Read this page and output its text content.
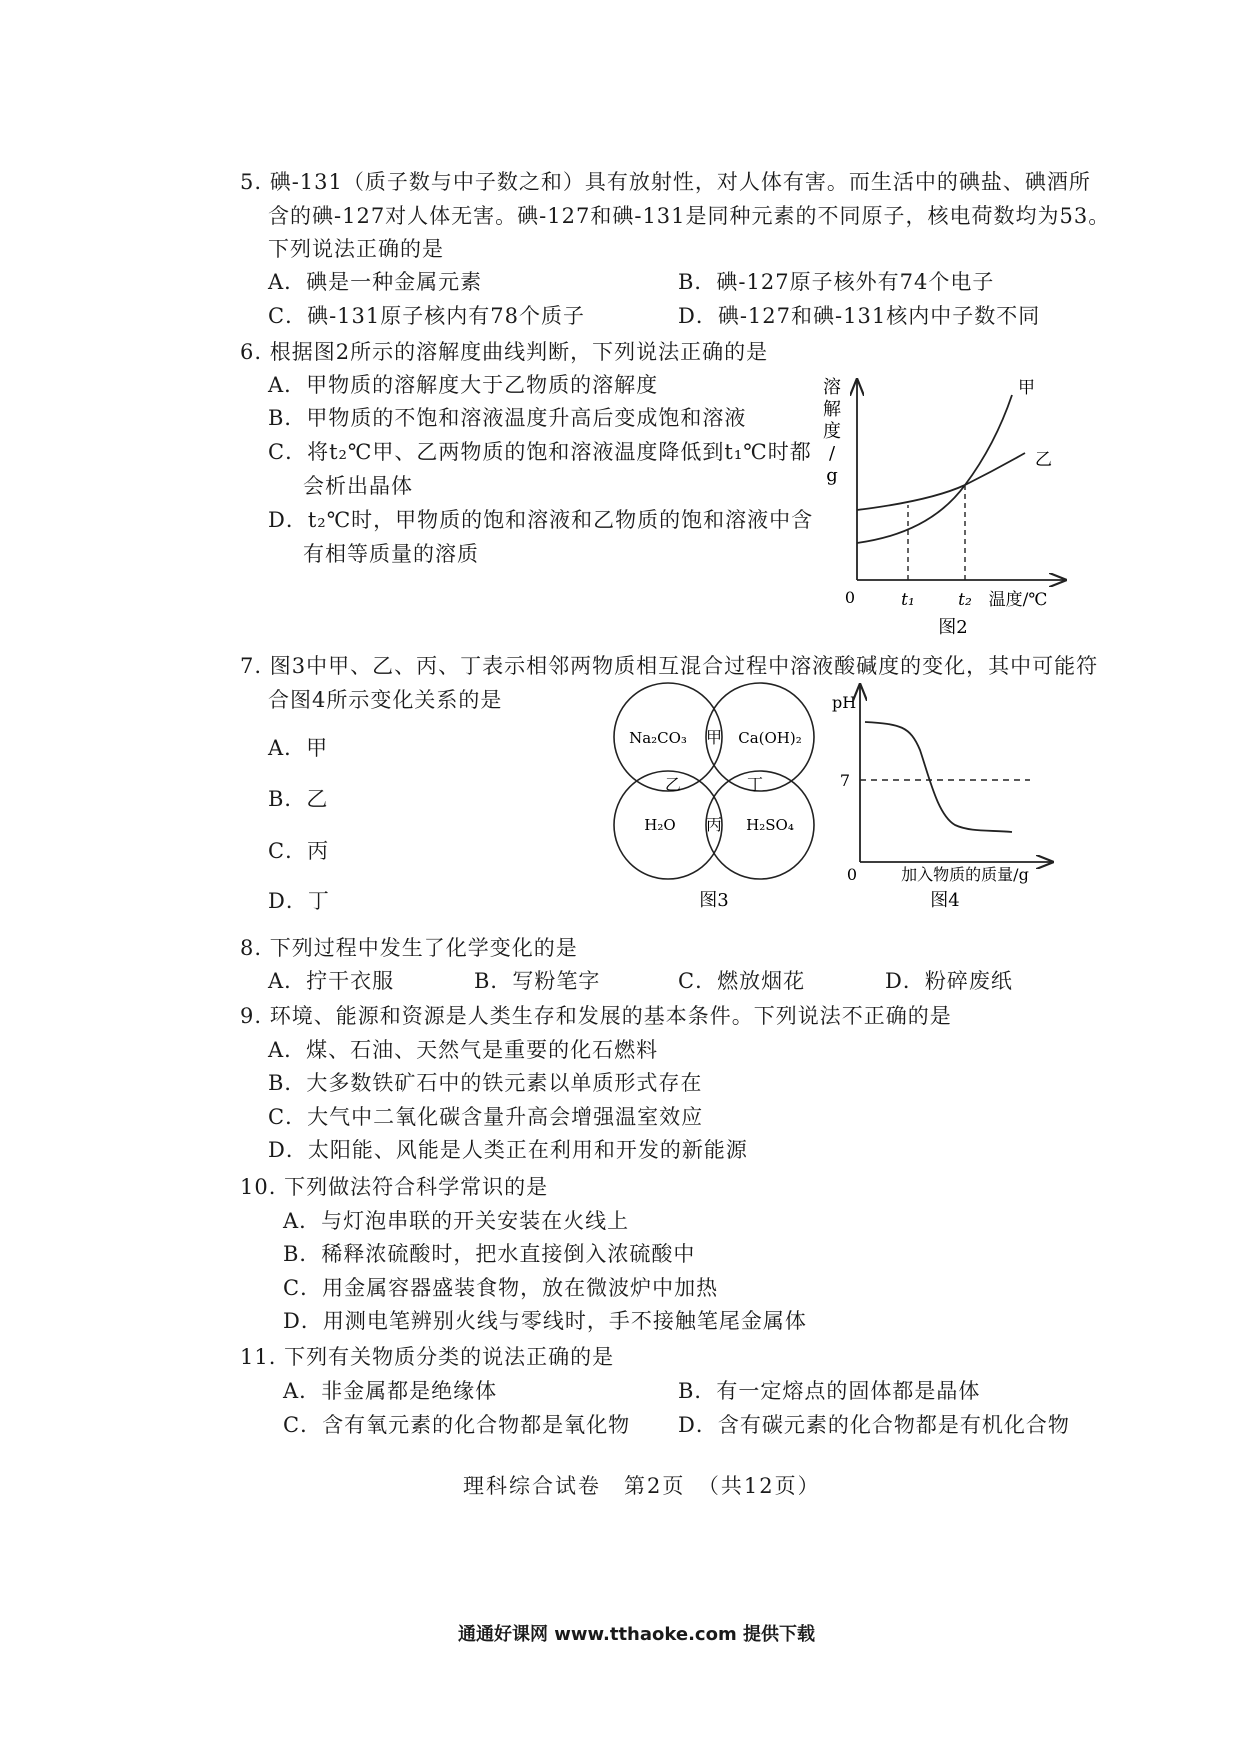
5. 碘-131（质子数与中子数之和）具有放射性，对人体有害。而生活中的碘盐、碘酒所
含的碘-127对人体无害。碘-127和碘-131是同种元素的不同原子，核电荷数均为53。
下列说法正确的是
A．碘是一种金属元素	B．碘-127原子核外有74个电子
C．碘-131原子核内有78个质子	D．碘-127和碘-131核内中子数不同
6. 根据图2所示的溶解度曲线判断，下列说法正确的是
A．甲物质的溶解度大于乙物质的溶解度
B．甲物质的不饱和溶液温度升高后变成饱和溶液
C．将t₂℃甲、乙两物质的饱和溶液温度降低到t₁℃时都
会析出晶体
D．t₂℃时，甲物质的饱和溶液和乙物质的饱和溶液中含
有相等质量的溶质
溶
解
度
/
g
甲
乙
0	t₁	t₂ 温度/℃
图2
7. 图3中甲、乙、丙、丁表示相邻两物质相互混合过程中溶液酸碱度的变化，其中可能符
合图4所示变化关系的是
A．甲
B．乙
C．丙
D．丁
Na₂CO₃	Ca(OH)₂
H₂O	H₂SO₄
甲
乙	丁
丙
图3
pH
7
0	加入物质的质量/g
图4
8. 下列过程中发生了化学变化的是
A．拧干衣服	B．写粉笔字	C．燃放烟花	D．粉碎废纸
9. 环境、能源和资源是人类生存和发展的基本条件。下列说法不正确的是
A．煤、石油、天然气是重要的化石燃料
B．大多数铁矿石中的铁元素以单质形式存在
C．大气中二氧化碳含量升高会增强温室效应
D．太阳能、风能是人类正在利用和开发的新能源
10. 下列做法符合科学常识的是
A．与灯泡串联的开关安装在火线上
B．稀释浓硫酸时，把水直接倒入浓硫酸中
C．用金属容器盛装食物，放在微波炉中加热
D．用测电笔辨别火线与零线时，手不接触笔尾金属体
11. 下列有关物质分类的说法正确的是
A．非金属都是绝缘体	B．有一定熔点的固体都是晶体
C．含有氧元素的化合物都是氧化物 D．含有碳元素的化合物都是有机化合物
理科综合试卷　第2页　（共12页）
通通好课网 www.tthaoke.com 提供下载
